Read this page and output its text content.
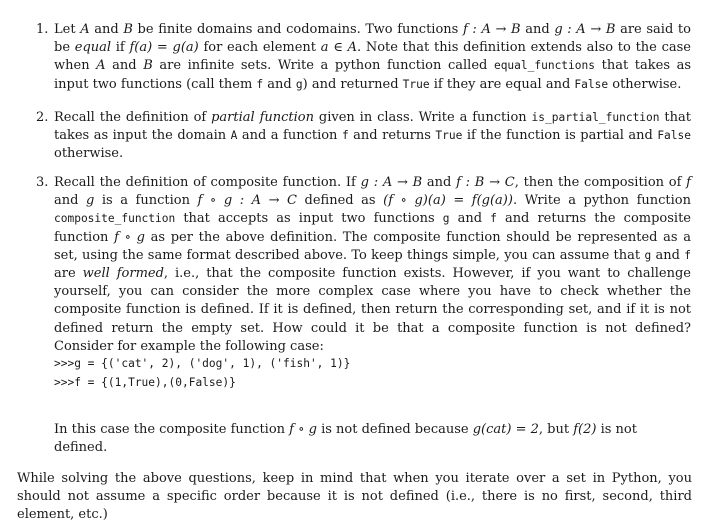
1. Let A and B be finite domains and codomains. Two functions f : A → B and g : A → B are said to be equal if f(a) = g(a) for each element a ∈ A. Note that this definition extends also to the case when A and B are infinite sets. Write a python function called equal_functions that takes as input two functions (call them f and g) and returned True if they are equal and False otherwise.

2. Recall the definition of partial function given in class. Write a function is_partial_function that takes as input the domain A and a function f and returns True if the function is partial and False otherwise.

3. Recall the definition of composite function. If g : A → B and f : B → C, then the composition of f and g is a function f ∘ g : A → C defined as (f ∘ g)(a) = f(g(a)). Write a python function composite_function that accepts as input two functions g and f and returns the composite function f ∘ g as per the above definition. The composite function should be represented as a set, using the same format described above. To keep things simple, you can assume that g and f are well formed, i.e., that the composite function exists. However, if you want to challenge yourself, you can consider the more complex case where you have to check whether the composite function is defined. If it is defined, then return the corresponding set, and if it is not defined return the empty set. How could it be that a composite function is not defined? Consider for example the following case:

>>>g = {('cat', 2), ('dog', 1), ('fish', 1)}
>>>f = {(1,True),(0,False)}

In this case the composite function f ∘ g is not defined because g(cat) = 2, but f(2) is not defined.

While solving the above questions, keep in mind that when you iterate over a set in Python, you should not assume a specific order because it is not defined (i.e., there is no first, second, third element, etc.)
